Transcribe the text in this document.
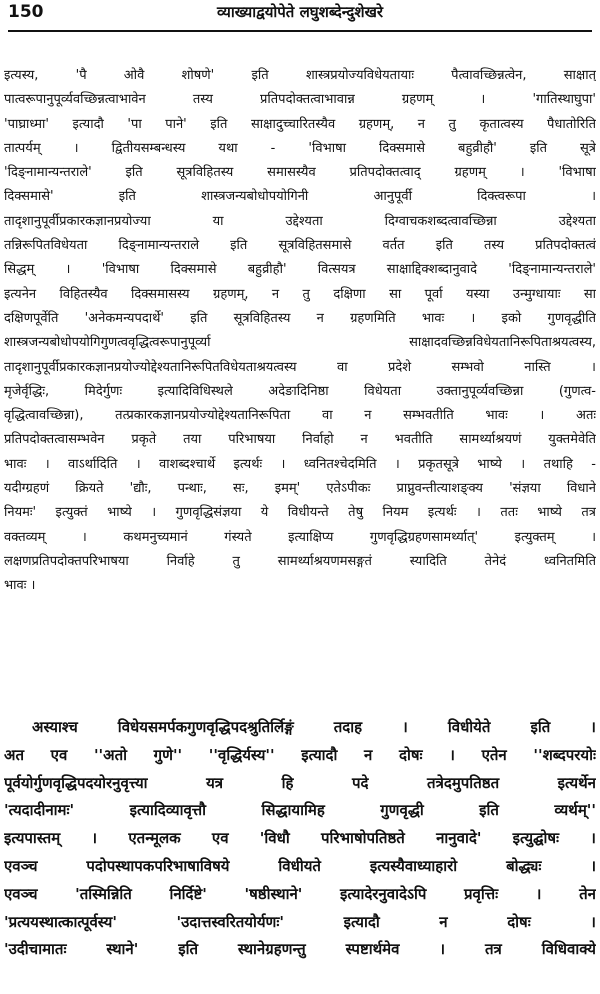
150	व्याख्याद्वयोपेते लघुशब्देन्दुशेखरे
इत्यस्य, 'पै ओवै शोषणे' इति शास्त्रप्रयोज्यविधेयतायाः पैत्वावच्छिन्नत्वेन, साक्षात्
पात्वरूपानुपूर्व्यवच्छिन्नत्वाभावेन तस्य प्रतिपदोक्तत्वाभावान्न ग्रहणम् । 'गातिस्थाघुपा'
'पाघ्राध्मा' इत्यादौ 'पा पाने' इति साक्षादुच्चारितस्यैव ग्रहणम्, न तु कृतात्वस्य पैधातोरिति
तात्पर्यम् । द्वितीयसम्बन्धस्य यथा - 'विभाषा दिक्समासे बहुव्रीहौ' इति सूत्रे
'दिङ्नामान्यन्तराले' इति सूत्रविहितस्य समासस्यैव प्रतिपदोक्तत्वाद् ग्रहणम् । 'विभाषा
दिक्समासे' इति शास्त्रजन्यबोधोपयोगिनी आनुपूर्वी दिक्त्वरूपा ।
तादृशानुपूर्वीप्रकारकज्ञानप्रयोज्या या उद्देश्यता दिग्वाचकशब्दत्वावच्छिन्ना उद्देश्यता
तन्निरूपितविधेयता दिङ्नामान्यन्तराले इति सूत्रविहितसमासे वर्तत इति तस्य प्रतिपदोक्तत्वं
सिद्धम् । 'विभाषा दिक्समासे बहुव्रीहौ' वित्सयत्र साक्षाद्दिक्शब्दानुवादे 'दिङ्नामान्यन्तराले'
इत्यनेन विहितस्यैव दिक्समासस्य ग्रहणम्, न तु दक्षिणा सा पूर्वा यस्या उन्मुग्धायाः सा
दक्षिणपूर्वेति 'अनेकमन्यपदार्थे' इति सूत्रविहितस्य न ग्रहणमिति भावः । इको गुणवृद्धीति
शास्त्रजन्यबोधोपयोगिगुणत्ववृद्धित्वरूपानुपूर्व्या साक्षादवच्छिन्नविधेयतानिरूपिताश्रयत्वस्य,
तादृशानुपूर्वीप्रकारकज्ञानप्रयोज्योद्देश्यतानिरूपितविधेयताश्रयत्वस्य वा प्रदेशे सम्भवो नास्ति ।
मृजेर्वृद्धिः, मिदेर्गुणः इत्यादिविधिस्थले अदेङादिनिष्ठा विधेयता उक्तानुपूर्व्यवच्छिन्ना (गुणत्व-
वृद्धित्वावच्छिन्ना), तत्प्रकारकज्ञानप्रयोज्योद्देश्यतानिरूपिता वा न सम्भवतीति भावः । अतः
प्रतिपदोक्तत्वासम्भवेन प्रकृते तया परिभाषया निर्वाहो न भवतीति सामर्थ्याश्रयणं युक्तमेवेति
भावः । वाऽर्थादिति । वाशब्दश्चार्थे इत्यर्थः । ध्वनितश्चेदमिति । प्रकृतसूत्रे भाष्ये । तथाहि -
यदीग्ग्रहणं क्रियते 'द्यौः, पन्थाः, सः, इमम्' एतेऽपीकः प्राप्नुवन्तीत्याशङ्क्य 'संज्ञया विधाने
नियमः' इत्युक्तं भाष्ये । गुणवृद्धिसंज्ञया ये विधीयन्ते तेषु नियम इत्यर्थः । ततः भाष्ये तत्र
वक्तव्यम् । कथमनुच्यमानं गंस्यते इत्याक्षिप्य गुणवृद्धिग्रहणसामर्थ्यात्' इत्युक्तम् ।
लक्षणप्रतिपदोक्तपरिभाषया निर्वाहे तु सामर्थ्याश्रयणमसङ्गतं स्यादिति तेनेदं ध्वनितमिति
भावः ।
अस्याश्च विधेयसमर्पकगुणवृद्धिपदश्रुतिर्लिङ्गं तदाह । विधीयेते इति ।
अत एव ''अतो गुणे'' ''वृद्धिर्यस्य'' इत्यादौ न दोषः । एतेन ''शब्दपरयोः
पूर्वयोर्गुणवृद्धिपदयोरनुवृत्त्या यत्र हि पदे तत्रेदमुपतिष्ठत इत्यर्थेन
'त्यदादीनामः' इत्यादिव्यावृत्तौ सिद्धायामिह गुणवृद्धी इति व्यर्थम्''
इत्यपास्तम् । एतन्मूलक एव 'विधौ परिभाषोपतिष्ठते नानुवादे' इत्युद्घोषः ।
एवञ्च पदोपस्थापकपरिभाषाविषये विधीयते इत्यस्यैवाध्याहारो बोद्ध्यः ।
एवञ्च 'तस्मिन्निति निर्दिष्टे' 'षष्ठीस्थाने' इत्यादेरनुवादेऽपि प्रवृत्तिः । तेन
'प्रत्ययस्थात्कात्पूर्वस्य' 'उदात्तस्वरितयोर्यणः' इत्यादौ न दोषः ।
'उदीचामातः स्थाने' इति स्थानेग्रहणन्तु स्पष्टार्थमेव । तत्र विधिवाक्ये
